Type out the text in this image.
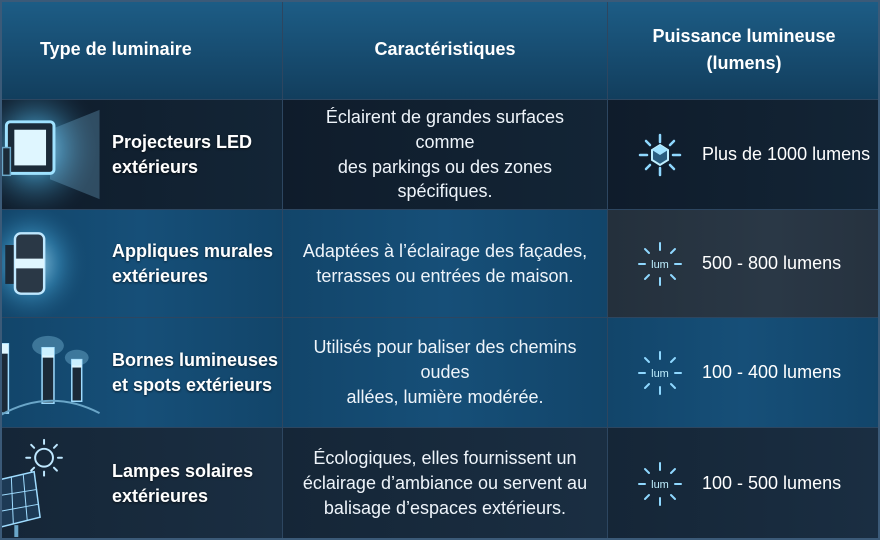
Type de luminaire	Caractéristiques
Puissance lumineuse
(lumens)
Projecteurs LED
extérieurs
Éclairent de grandes surfaces comme
des parkings ou des zones spécifiques.
Plus de 1000 lumens
Appliques murales
extérieures
Adaptées à l’éclairage des façades,
terrasses ou entrées de maison.
lum 500 - 800 lumens
Bornes lumineuses
et spots extérieurs
Utilisés pour baliser des chemins oudes
allées, lumière modérée.
lum 100 - 400 lumens
Lampes solaires
extérieures
Écologiques, elles fournissent un
éclairage d’ambiance ou servent au
balisage d’espaces extérieurs.
lum 100 - 500 lumens
